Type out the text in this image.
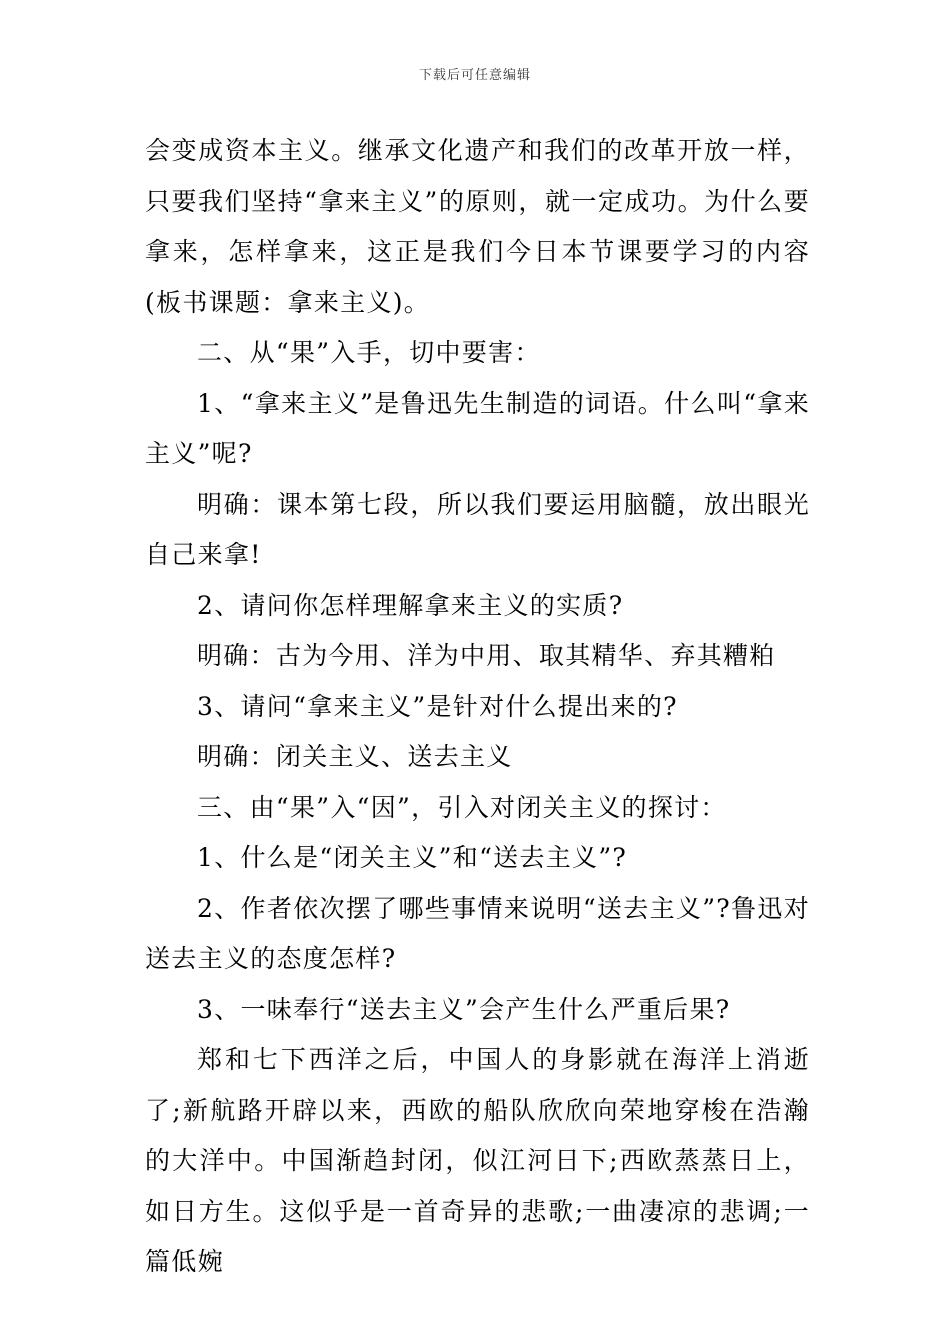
下载后可任意编辑

会变成资本主义。继承文化遗产和我们的改革开放一样，只要我们坚持“拿来主义”的原则，就一定成功。为什么要拿来，怎样拿来，这正是我们今日本节课要学习的内容(板书课题：拿来主义)。

二、从“果”入手，切中要害：

1、“拿来主义”是鲁迅先生制造的词语。什么叫“拿来主义”呢?

明确：课本第七段，所以我们要运用脑髓，放出眼光自己来拿!

2、请问你怎样理解拿来主义的实质?

明确：古为今用、洋为中用、取其精华、弃其糟粕

3、请问“拿来主义”是针对什么提出来的?

明确：闭关主义、送去主义

三、由“果”入“因”，引入对闭关主义的探讨：

1、什么是“闭关主义”和“送去主义”?

2、作者依次摆了哪些事情来说明“送去主义”?鲁迅对送去主义的态度怎样?

3、一味奉行“送去主义”会产生什么严重后果?

郑和七下西洋之后，中国人的身影就在海洋上消逝了;新航路开辟以来，西欧的船队欣欣向荣地穿梭在浩瀚的大洋中。中国渐趋封闭，似江河日下;西欧蒸蒸日上，如日方生。这似乎是一首奇异的悲歌;一曲凄凉的悲调;一篇低婉
